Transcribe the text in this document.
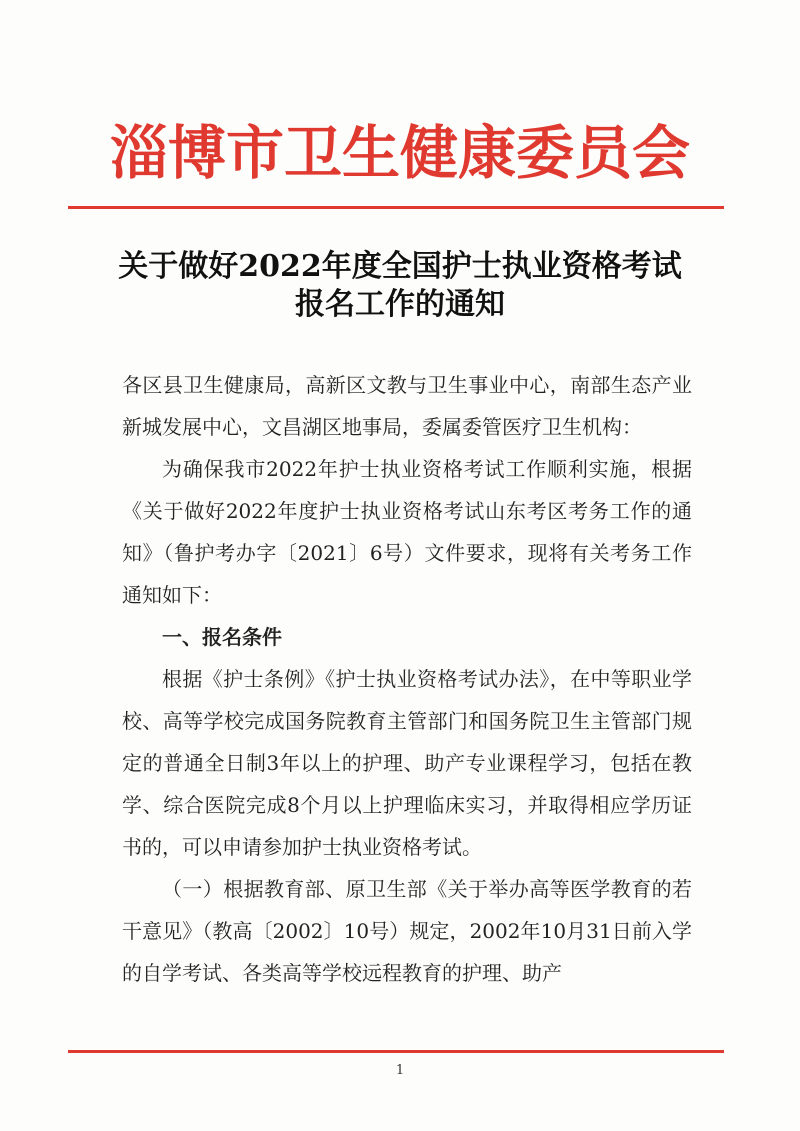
淄博市卫生健康委员会
关于做好2022年度全国护士执业资格考试
报名工作的通知

各区县卫生健康局，高新区文教与卫生事业中心，南部生态产业新城发展中心，文昌湖区地事局，委属委管医疗卫生机构：

为确保我市2022年护士执业资格考试工作顺利实施，根据《关于做好2022年度护士执业资格考试山东考区考务工作的通知》（鲁护考办字〔2021〕6号）文件要求，现将有关考务工作通知如下：

一、报名条件

根据《护士条例》《护士执业资格考试办法》，在中等职业学校、高等学校完成国务院教育主管部门和国务院卫生主管部门规定的普通全日制3年以上的护理、助产专业课程学习，包括在教学、综合医院完成8个月以上护理临床实习，并取得相应学历证书的，可以申请参加护士执业资格考试。

（一）根据教育部、原卫生部《关于举办高等医学教育的若干意见》（教高〔2002〕10号）规定，2002年10月31日前入学的自学考试、各类高等学校远程教育的护理、助产

1
